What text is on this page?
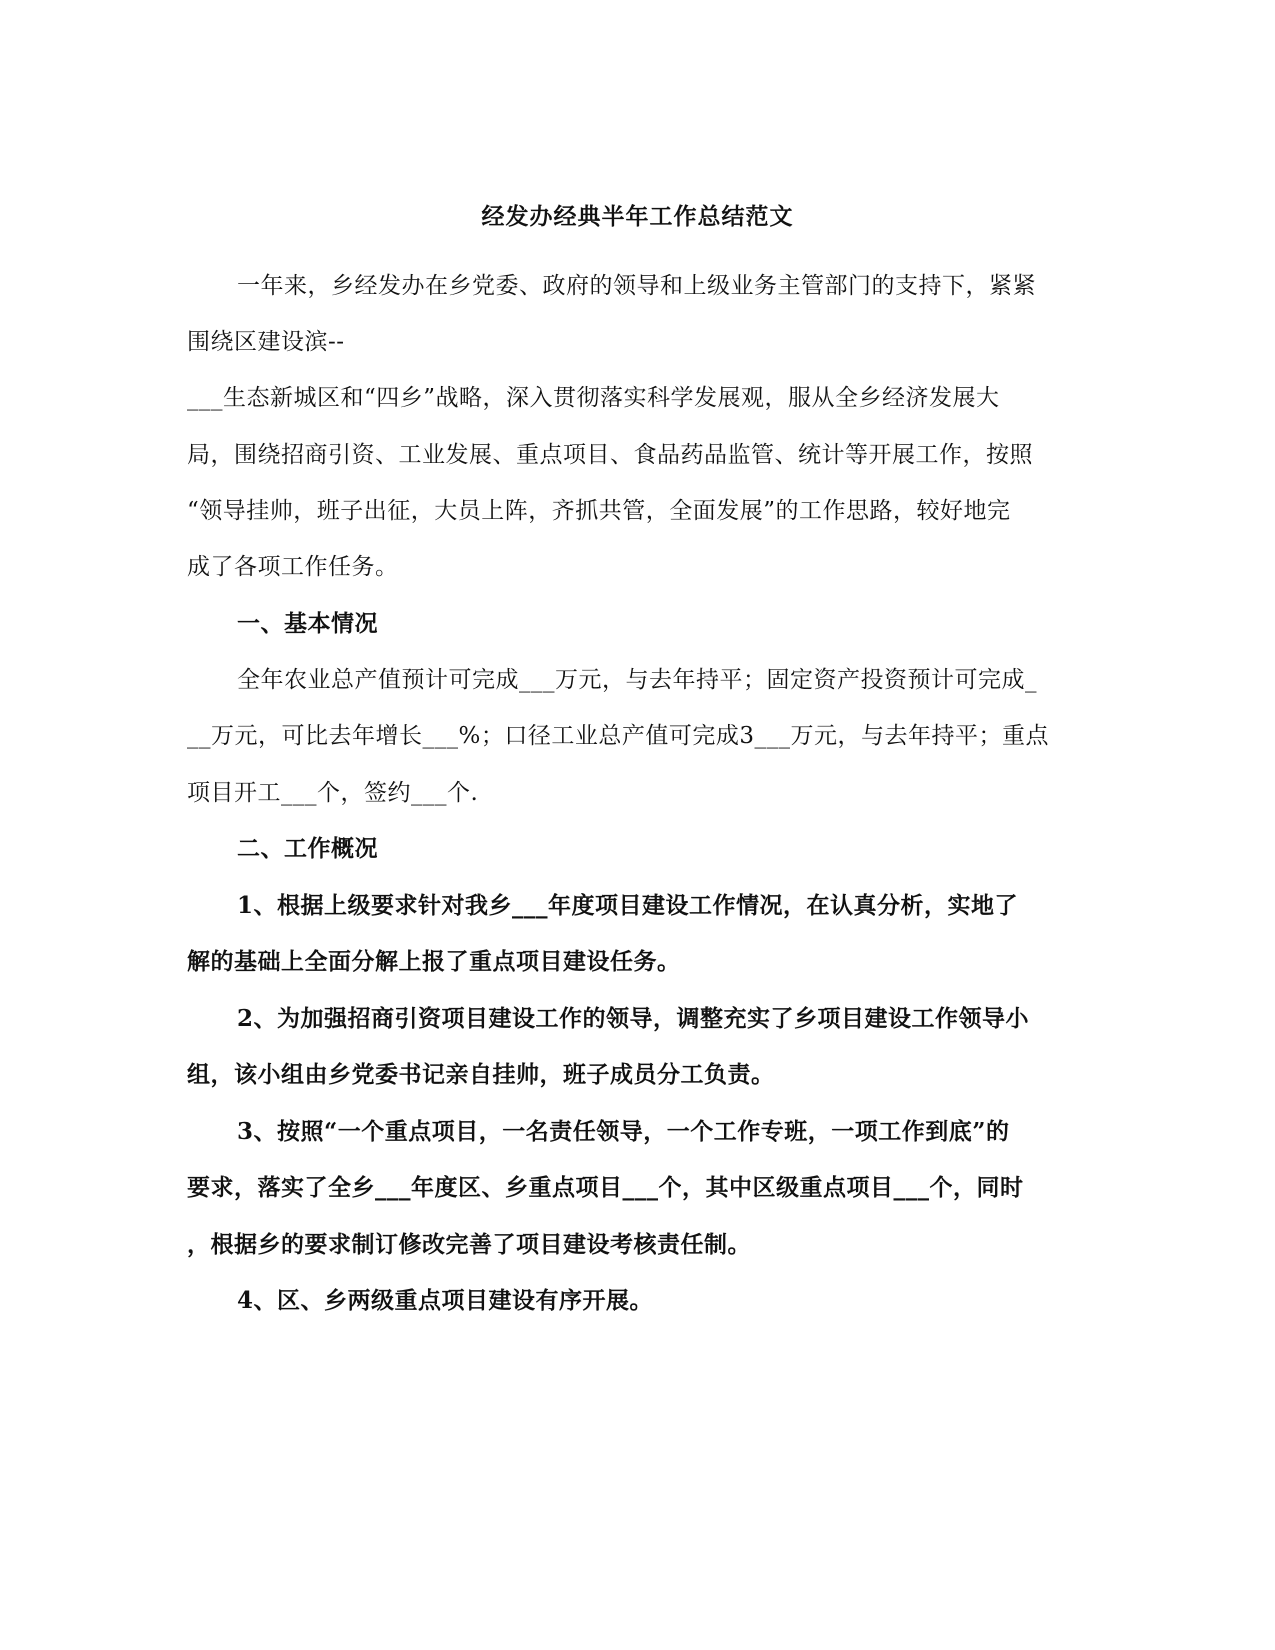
经发办经典半年工作总结范文
一年来，乡经发办在乡党委、政府的领导和上级业务主管部门的支持下，紧紧
围绕区建设滨--
___生态新城区和“四乡”战略，深入贯彻落实科学发展观，服从全乡经济发展大
局，围绕招商引资、工业发展、重点项目、食品药品监管、统计等开展工作，按照
“领导挂帅，班子出征，大员上阵，齐抓共管，全面发展”的工作思路，较好地完
成了各项工作任务。
一、基本情况
全年农业总产值预计可完成___万元，与去年持平；固定资产投资预计可完成_
__万元，可比去年增长___%；口径工业总产值可完成3___万元，与去年持平；重点
项目开工___个，签约___个.
二、工作概况
1、根据上级要求针对我乡___年度项目建设工作情况，在认真分析，实地了
解的基础上全面分解上报了重点项目建设任务。
2、为加强招商引资项目建设工作的领导，调整充实了乡项目建设工作领导小
组，该小组由乡党委书记亲自挂帅，班子成员分工负责。
3、按照“一个重点项目，一名责任领导，一个工作专班，一项工作到底”的
要求，落实了全乡___年度区、乡重点项目___个，其中区级重点项目___个，同时
，根据乡的要求制订修改完善了项目建设考核责任制。
4、区、乡两级重点项目建设有序开展。
